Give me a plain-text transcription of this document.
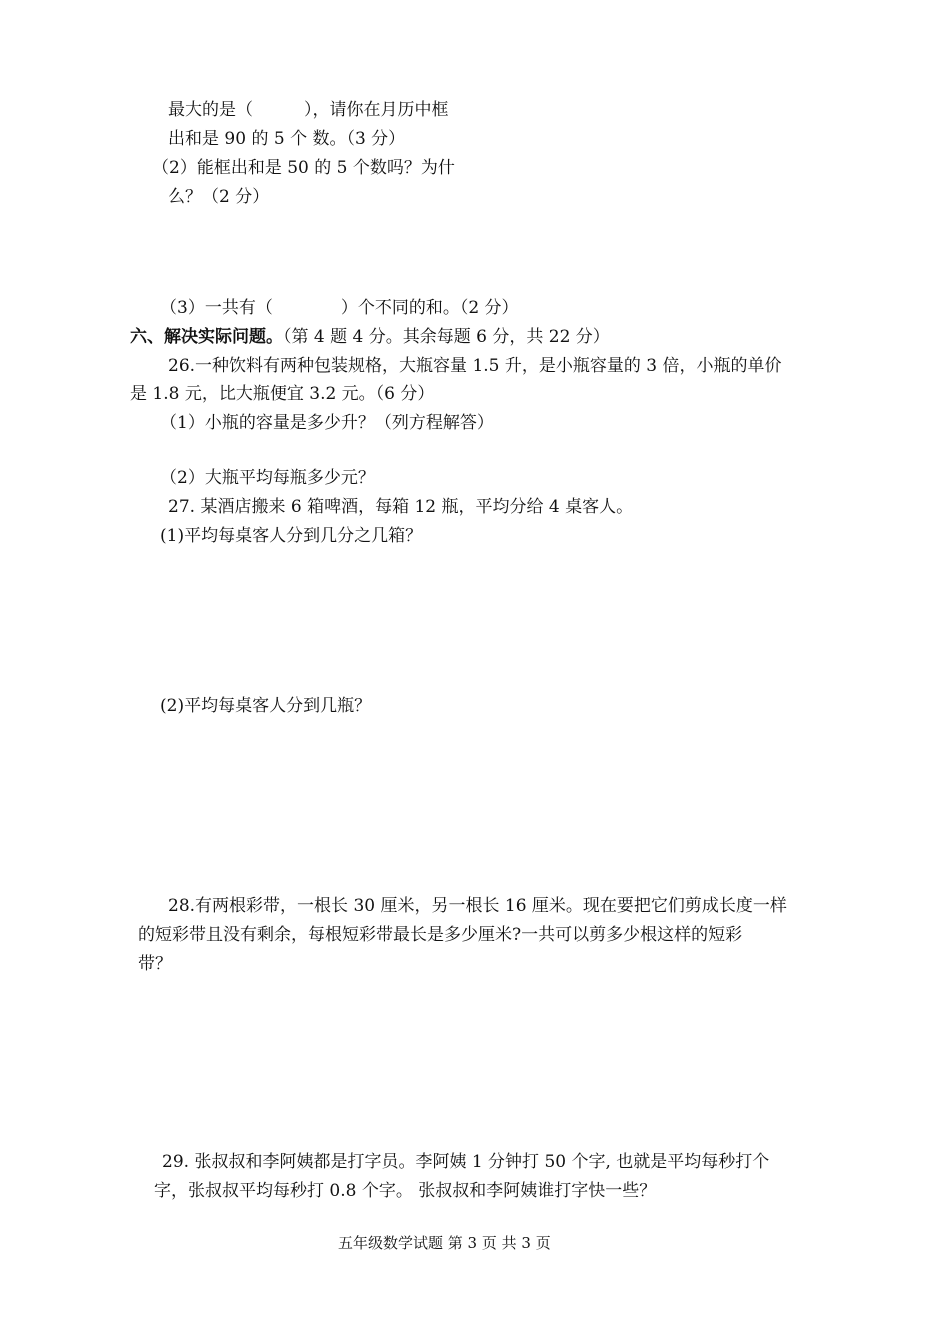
最大的是（　　　），请你在月历中框
出和是 90 的 5 个 数。（3 分）
（2）能框出和是 50 的 5 个数吗？为什
么？（2 分）
（3）一共有（　　　　）个不同的和。（2 分）
六、解决实际问题。（第 4 题 4 分。其余每题 6 分，共 22 分）
26.一种饮料有两种包装规格，大瓶容量 1.5 升，是小瓶容量的 3 倍，小瓶的单价
是 1.8 元，比大瓶便宜 3.2 元。（6 分）
（1）小瓶的容量是多少升？（列方程解答）
（2）大瓶平均每瓶多少元？
27. 某酒店搬来 6 箱啤酒，每箱 12 瓶，平均分给 4 桌客人。
(1)平均每桌客人分到几分之几箱？
(2)平均每桌客人分到几瓶？
28.有两根彩带，一根长 30 厘米，另一根长 16 厘米。现在要把它们剪成长度一样
的短彩带且没有剩余，每根短彩带最长是多少厘米?一共可以剪多少根这样的短彩
带？
29. 张叔叔和李阿姨都是打字员。李阿姨 1 分钟打 50 个字, 也就是平均每秒打个
字，张叔叔平均每秒打 0.8 个字。 张叔叔和李阿姨谁打字快一些？
五年级数学试题 第 3 页 共 3 页
